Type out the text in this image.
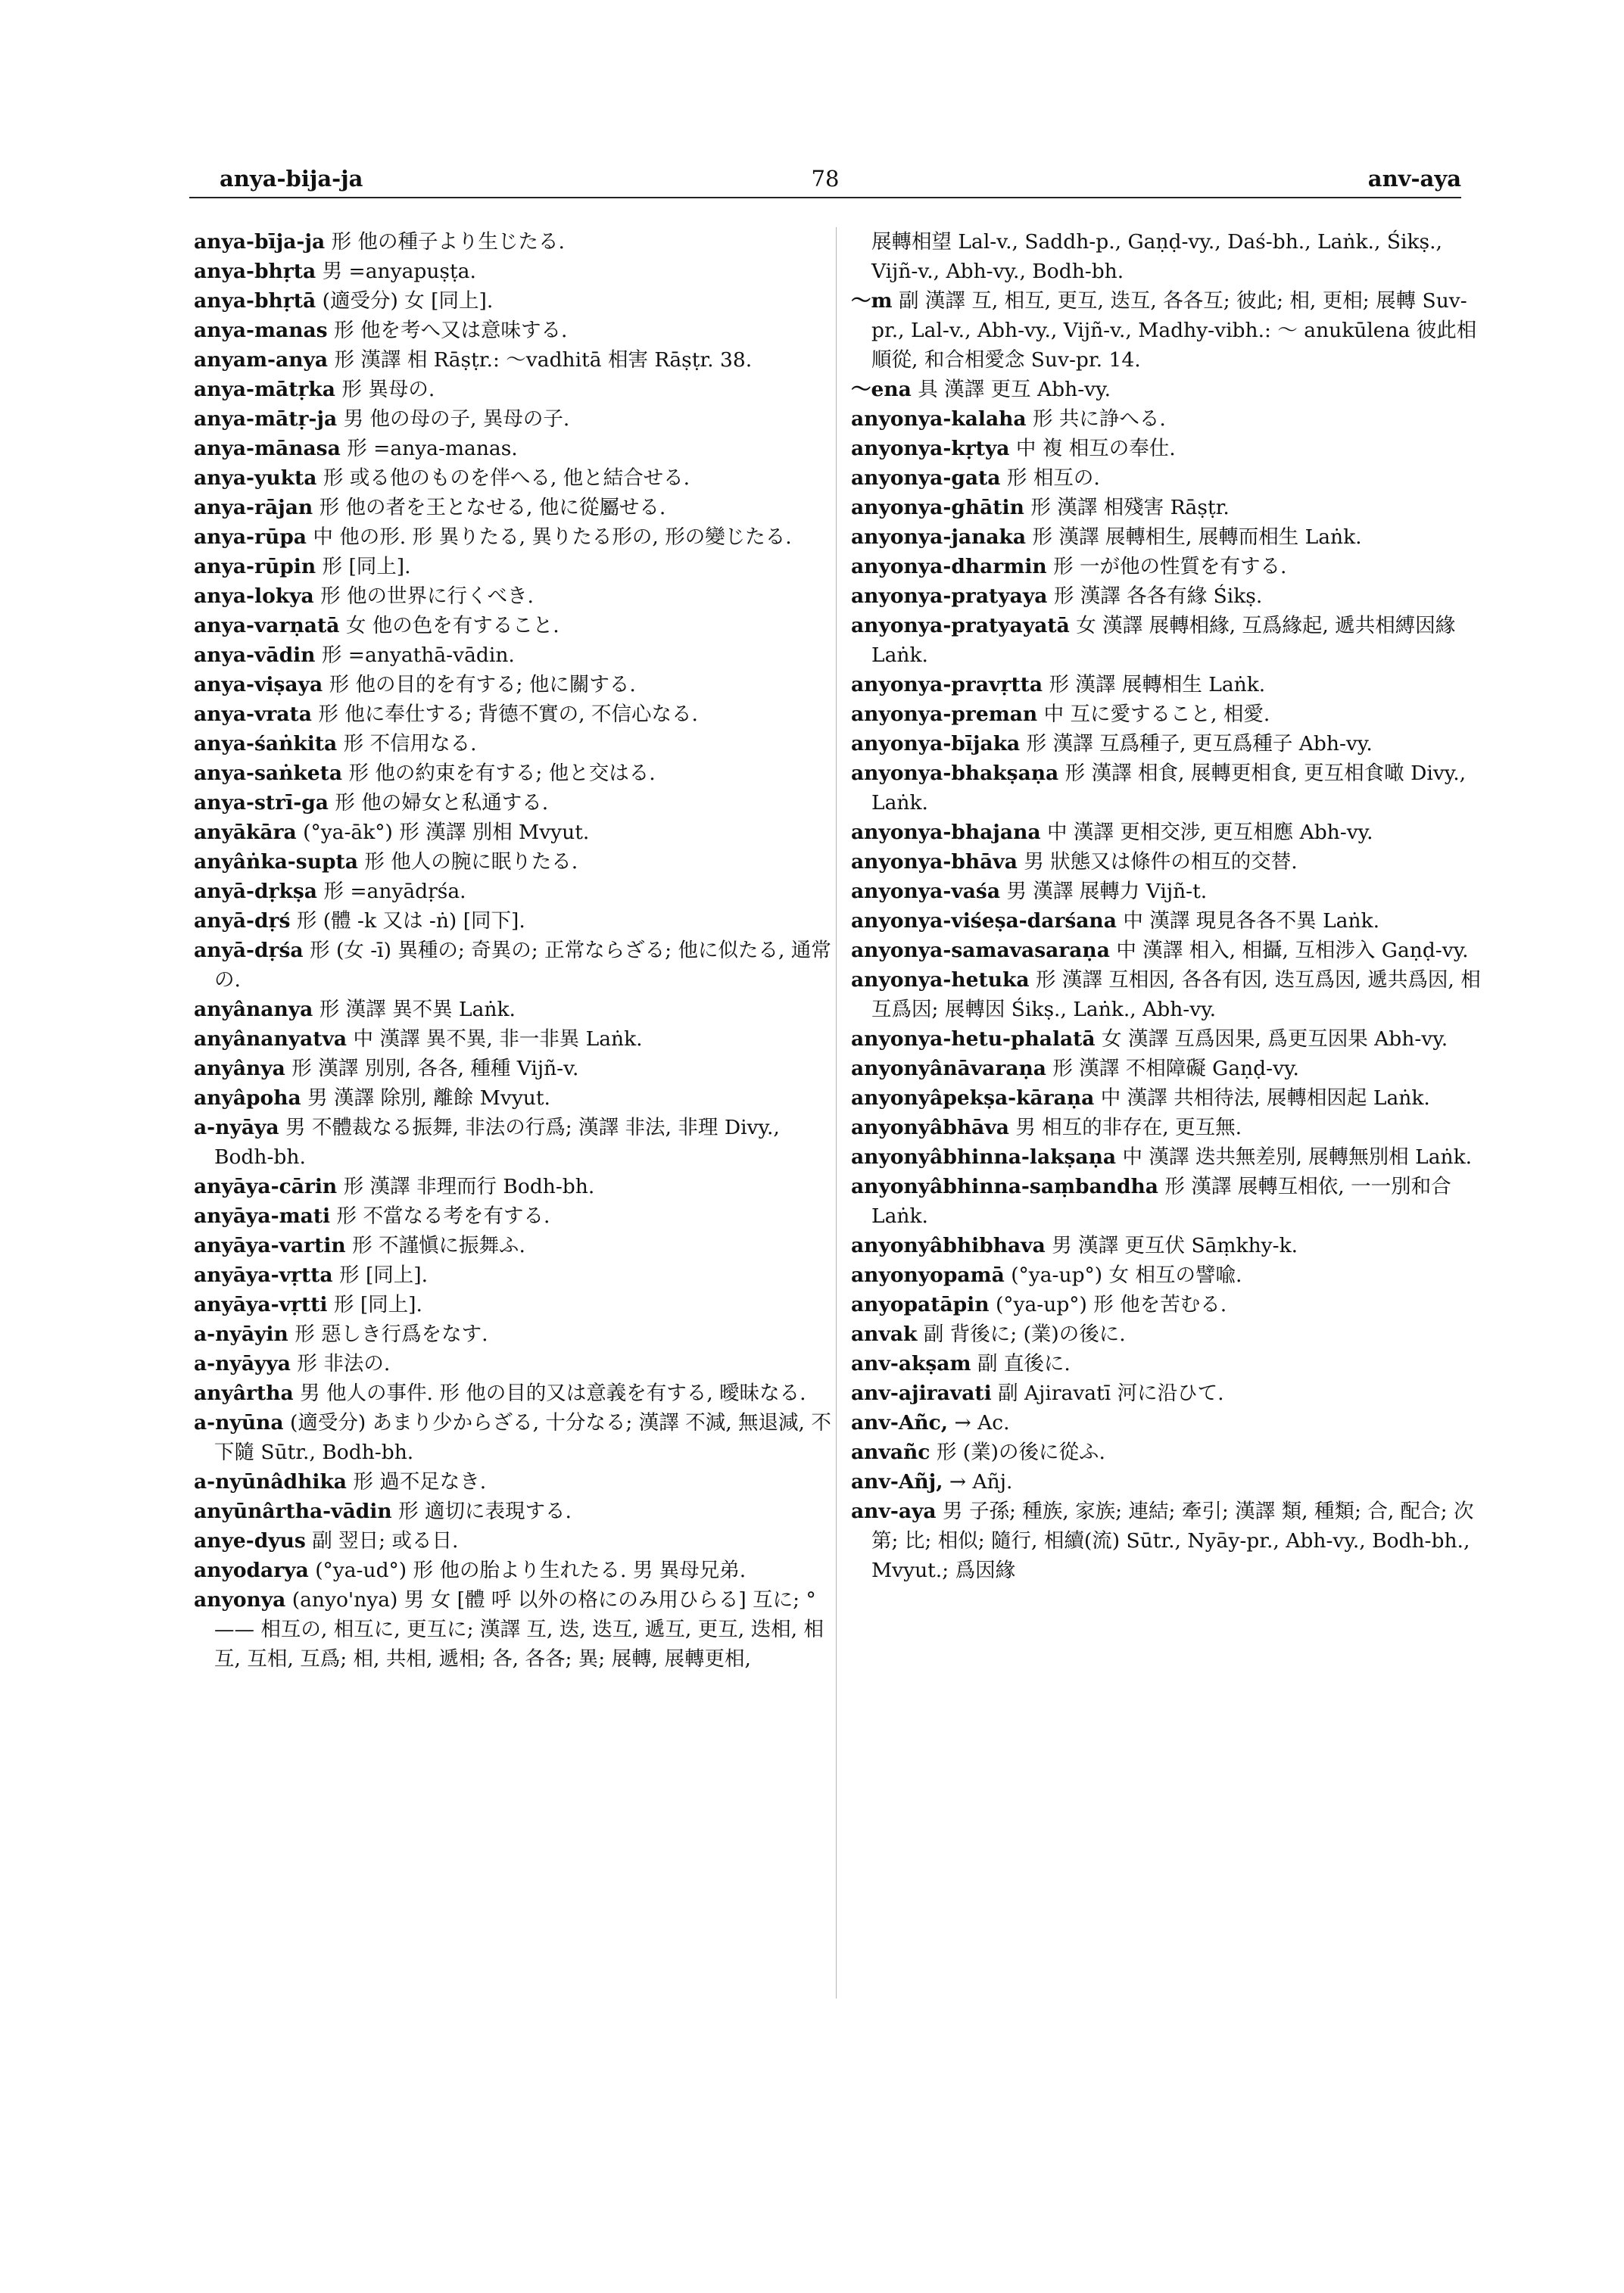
anya-bija-ja	78	anv-aya
anya-bīja-ja 形 他の種子より生じたる.
anya-bhṛta 男 =anyapuṣṭa.
anya-bhṛtā (適受分) 女 [同上].
anya-manas 形 他を考へ又は意味する.
anyam-anya 形 漢譯 相 Rāṣṭr.: 〜vadhitā 相害 Rāṣṭr. 38.
anya-mātṛka 形 異母の.
anya-mātṛ-ja 男 他の母の子, 異母の子.
anya-mānasa 形 =anya-manas.
anya-yukta 形 或る他のものを伴へる, 他と結合せる.
anya-rājan 形 他の者を王となせる, 他に從屬せる.
anya-rūpa 中 他の形. 形 異りたる, 異りたる形の, 形の變じたる.
anya-rūpin 形 [同上].
anya-lokya 形 他の世界に行くべき.
anya-varṇatā 女 他の色を有すること.
anya-vādin 形 =anyathā-vādin.
anya-viṣaya 形 他の目的を有する; 他に關する.
anya-vrata 形 他に奉仕する; 背德不實の, 不信心なる.
anya-śaṅkita 形 不信用なる.
anya-saṅketa 形 他の約束を有する; 他と交はる.
anya-strī-ga 形 他の婦女と私通する.
anyākāra (°ya-āk°) 形 漢譯 別相 Mvyut.
anyâṅka-supta 形 他人の腕に眠りたる.
anyā-dṛkṣa 形 =anyādṛśa.
anyā-dṛś 形 (體 -k 又は -ṅ) [同下].
anyā-dṛśa 形 (女 -ī) 異種の; 奇異の; 正常ならざる; 他に似たる, 通常の.
anyânanya 形 漢譯 異不異 Laṅk.
anyânanyatva 中 漢譯 異不異, 非一非異 Laṅk.
anyânya 形 漢譯 別別, 各各, 種種 Vijñ-v.
anyâpoha 男 漢譯 除別, 離餘 Mvyut.
a-nyāya 男 不體裁なる振舞, 非法の行爲; 漢譯 非法, 非理 Divy., Bodh-bh.
anyāya-cārin 形 漢譯 非理而行 Bodh-bh.
anyāya-mati 形 不當なる考を有する.
anyāya-vartin 形 不謹愼に振舞ふ.
anyāya-vṛtta 形 [同上].
anyāya-vṛtti 形 [同上].
a-nyāyin 形 惡しき行爲をなす.
a-nyāyya 形 非法の.
anyârtha 男 他人の事件. 形 他の目的又は意義を有する, 曖昧なる.
a-nyūna (適受分) あまり少からざる, 十分なる; 漢譯 不減, 無退減, 不下隨 Sūtr., Bodh-bh.
a-nyūnâdhika 形 過不足なき.
anyūnârtha-vādin 形 適切に表現する.
anye-dyus 副 翌日; 或る日.
anyodarya (°ya-ud°) 形 他の胎より生れたる. 男 異母兄弟.
anyonya (anyo'nya) 男 女 [體 呼 以外の格にのみ用ひらる] 互に; °—— 相互の, 相互に, 更互に; 漢譯 互, 迭, 迭互, 遞互, 更互, 迭相, 相互, 互相, 互爲; 相, 共相, 遞相; 各, 各各; 異; 展轉, 展轉更相,
展轉相望 Lal-v., Saddh-p., Gaṇḍ-vy., Daś-bh., Laṅk., Śikṣ., Vijñ-v., Abh-vy., Bodh-bh.
〜m 副 漢譯 互, 相互, 更互, 迭互, 各各互; 彼此; 相, 更相; 展轉 Suv-pr., Lal-v., Abh-vy., Vijñ-v., Madhy-vibh.: 〜 anukūlena 彼此相順從, 和合相愛念 Suv-pr. 14.
〜ena 具 漢譯 更互 Abh-vy.
anyonya-kalaha 形 共に諍へる.
anyonya-kṛtya 中 複 相互の奉仕.
anyonya-gata 形 相互の.
anyonya-ghātin 形 漢譯 相殘害 Rāṣṭr.
anyonya-janaka 形 漢譯 展轉相生, 展轉而相生 Laṅk.
anyonya-dharmin 形 一が他の性質を有する.
anyonya-pratyaya 形 漢譯 各各有緣 Śikṣ.
anyonya-pratyayatā 女 漢譯 展轉相緣, 互爲緣起, 遞共相縛因緣 Laṅk.
anyonya-pravṛtta 形 漢譯 展轉相生 Laṅk.
anyonya-preman 中 互に愛すること, 相愛.
anyonya-bījaka 形 漢譯 互爲種子, 更互爲種子 Abh-vy.
anyonya-bhakṣaṇa 形 漢譯 相食, 展轉更相食, 更互相食噉 Divy., Laṅk.
anyonya-bhajana 中 漢譯 更相交涉, 更互相應 Abh-vy.
anyonya-bhāva 男 狀態又は條件の相互的交替.
anyonya-vaśa 男 漢譯 展轉力 Vijñ-t.
anyonya-viśeṣa-darśana 中 漢譯 現見各各不異 Laṅk.
anyonya-samavasaraṇa 中 漢譯 相入, 相攝, 互相涉入 Gaṇḍ-vy.
anyonya-hetuka 形 漢譯 互相因, 各各有因, 迭互爲因, 遞共爲因, 相互爲因; 展轉因 Śikṣ., Laṅk., Abh-vy.
anyonya-hetu-phalatā 女 漢譯 互爲因果, 爲更互因果 Abh-vy.
anyonyânāvaraṇa 形 漢譯 不相障礙 Gaṇḍ-vy.
anyonyâpekṣa-kāraṇa 中 漢譯 共相待法, 展轉相因起 Laṅk.
anyonyâbhāva 男 相互的非存在, 更互無.
anyonyâbhinna-lakṣaṇa 中 漢譯 迭共無差別, 展轉無別相 Laṅk.
anyonyâbhinna-saṃbandha 形 漢譯 展轉互相依, 一一別和合 Laṅk.
anyonyâbhibhava 男 漢譯 更互伏 Sāṃkhy-k.
anyonyopamā (°ya-up°) 女 相互の譬喩.
anyopatāpin (°ya-up°) 形 他を苦むる.
anvak 副 背後に; (業)の後に.
anv-akṣam 副 直後に.
anv-ajiravati 副 Ajiravatī 河に沿ひて.
anv-Añc, → Ac.
anvañc 形 (業)の後に從ふ.
anv-Añj, → Añj.
anv-aya 男 子孫; 種族, 家族; 連結; 牽引; 漢譯 類, 種類; 合, 配合; 次第; 比; 相似; 隨行, 相續(流) Sūtr., Nyāy-pr., Abh-vy., Bodh-bh., Mvyut.; 爲因緣
